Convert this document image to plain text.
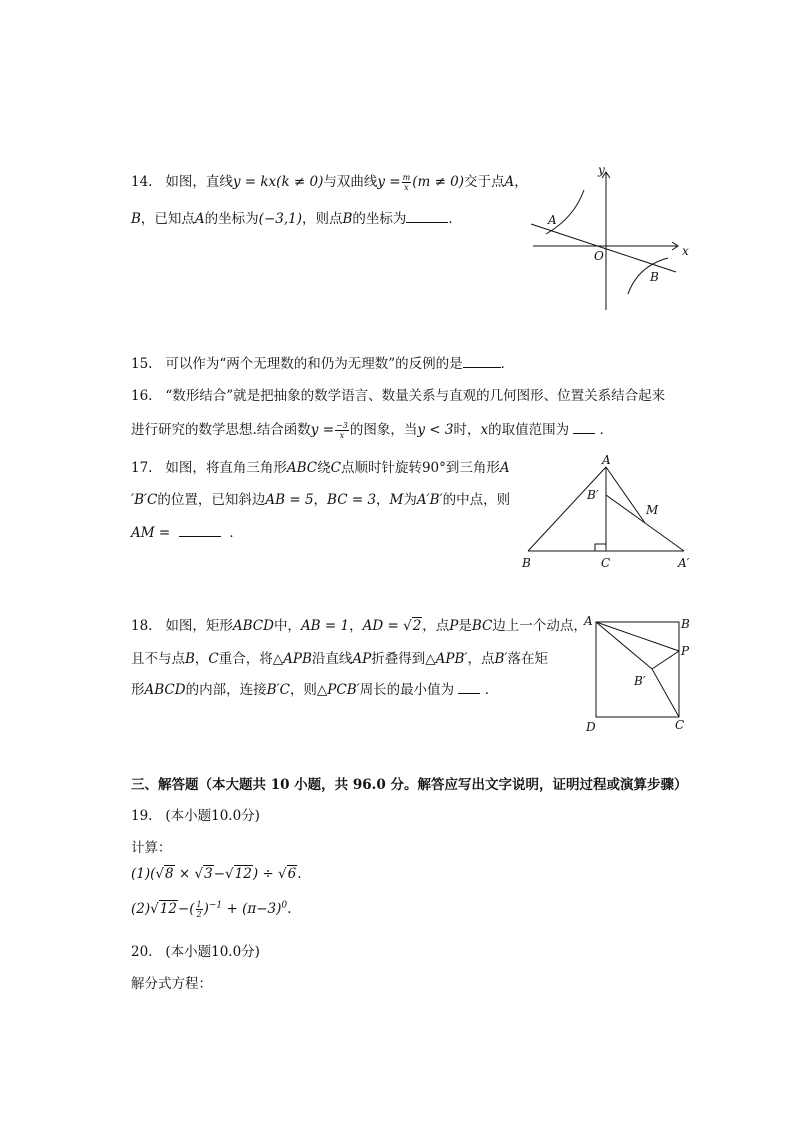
14. 如图，直线y = kx(k ≠ 0)与双曲线$y = \frac{m}{x} (m \ne 0)$交于点A，
B，已知点A的坐标为(−3,1)，则点B的坐标为	．
y
x
O
A
B
15. 可以作为“两个无理数的和仍为无理数”的反例的是	．
16. “数形结合”就是把抽象的数学语言、数量关系与直观的几何图形、位置关系结合起来
进行研究的数学思想.结合函数$y = \frac{-3}{x}$ 的图象，当y < 3时，x的取值范围为 ．
17. 如图，将直角三角形ABC绕C点顺时针旋转90°到三角形A
′B′C的位置，已知斜边AB = 5，BC = 3，M为A′B′的中点，则
AM =	．
A
B′
M
B	C	A′
18. 如图，矩形ABCD中，AB = 1，AD = √2，点P是BC边上一个动点，
且不与点B，C重合，将△APB沿直线AP折叠得到△APB′，点B′落在矩
形ABCD的内部，连接B′C，则△PCB′周长的最小值为 ．
A	B
P
B′
D	C
三、解答题（本大题共 10 小题，共 96.0 分。解答应写出文字说明，证明过程或演算步骤）
19. (本小题10.0分)
计算：
(1)(√8 × √3−√12) ÷ √6.
$(2)√12-( \frac{1}{2} )^{-1} + (\pi-3)^0$.
20. (本小题10.0分)
解分式方程：
